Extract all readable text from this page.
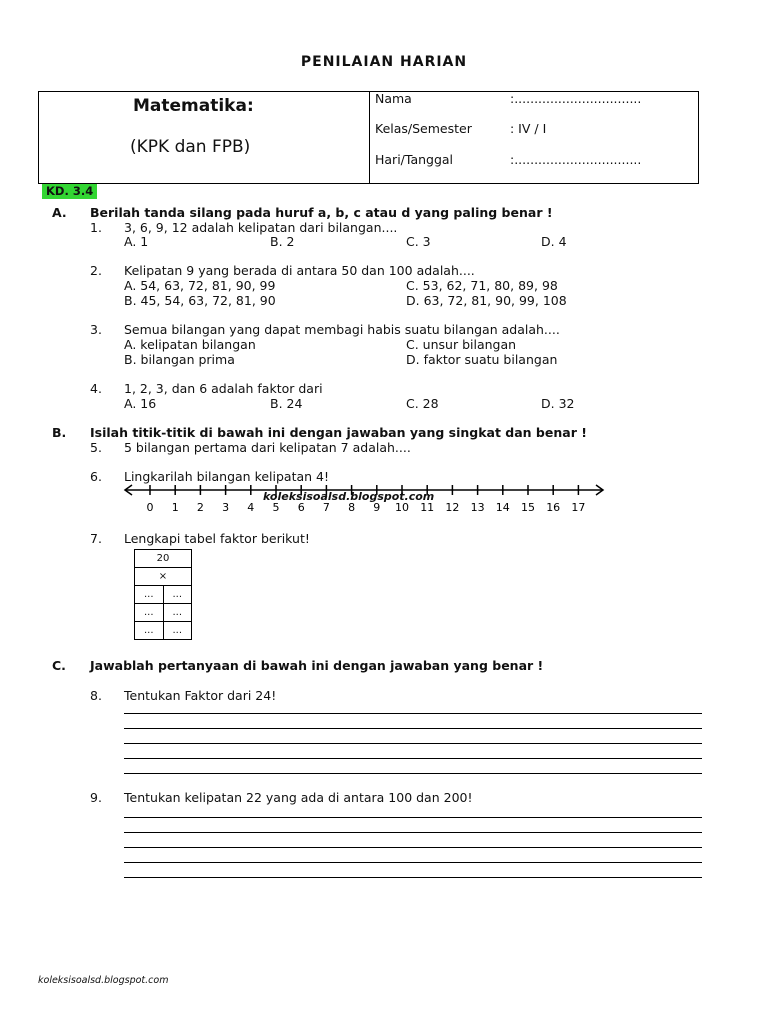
PENILAIAN HARIAN
Matematika:
(KPK dan FPB)
Nama	:................................
Kelas/Semester	: IV / I
Hari/Tanggal	:................................
KD. 3.4
A. Berilah tanda silang pada huruf a, b, c atau d yang paling benar !
1. 3, 6, 9, 12 adalah kelipatan dari bilangan....
A. 1	B. 2	C. 3	D. 4
2. Kelipatan 9 yang berada di antara 50 dan 100 adalah....
A. 54, 63, 72, 81, 90, 99
B. 45, 54, 63, 72, 81, 90
C. 53, 62, 71, 80, 89, 98
D. 63, 72, 81, 90, 99, 108
3. Semua bilangan yang dapat membagi habis suatu bilangan adalah....
A. kelipatan bilangan
B. bilangan prima
C. unsur bilangan
D. faktor suatu bilangan
4. 1, 2, 3, dan 6 adalah faktor dari
A. 16	B. 24	C. 28	D. 32
B. Isilah titik-titik di bawah ini dengan jawaban yang singkat dan benar !
5. 5 bilangan pertama dari kelipatan 7 adalah....
6. Lingkarilah bilangan kelipatan 4!
0 1 2 3 4 5 6 7 8 9 10 11 12 13 14 15 16 17
koleksisoalsd.blogspot.com
7. Lengkapi tabel faktor berikut!
20	
×	
...	...
...	...
...	...
C. Jawablah pertanyaan di bawah ini dengan jawaban yang benar !
8. Tentukan Faktor dari 24!
9. Tentukan kelipatan 22 yang ada di antara 100 dan 200!
koleksisoalsd.blogspot.com
